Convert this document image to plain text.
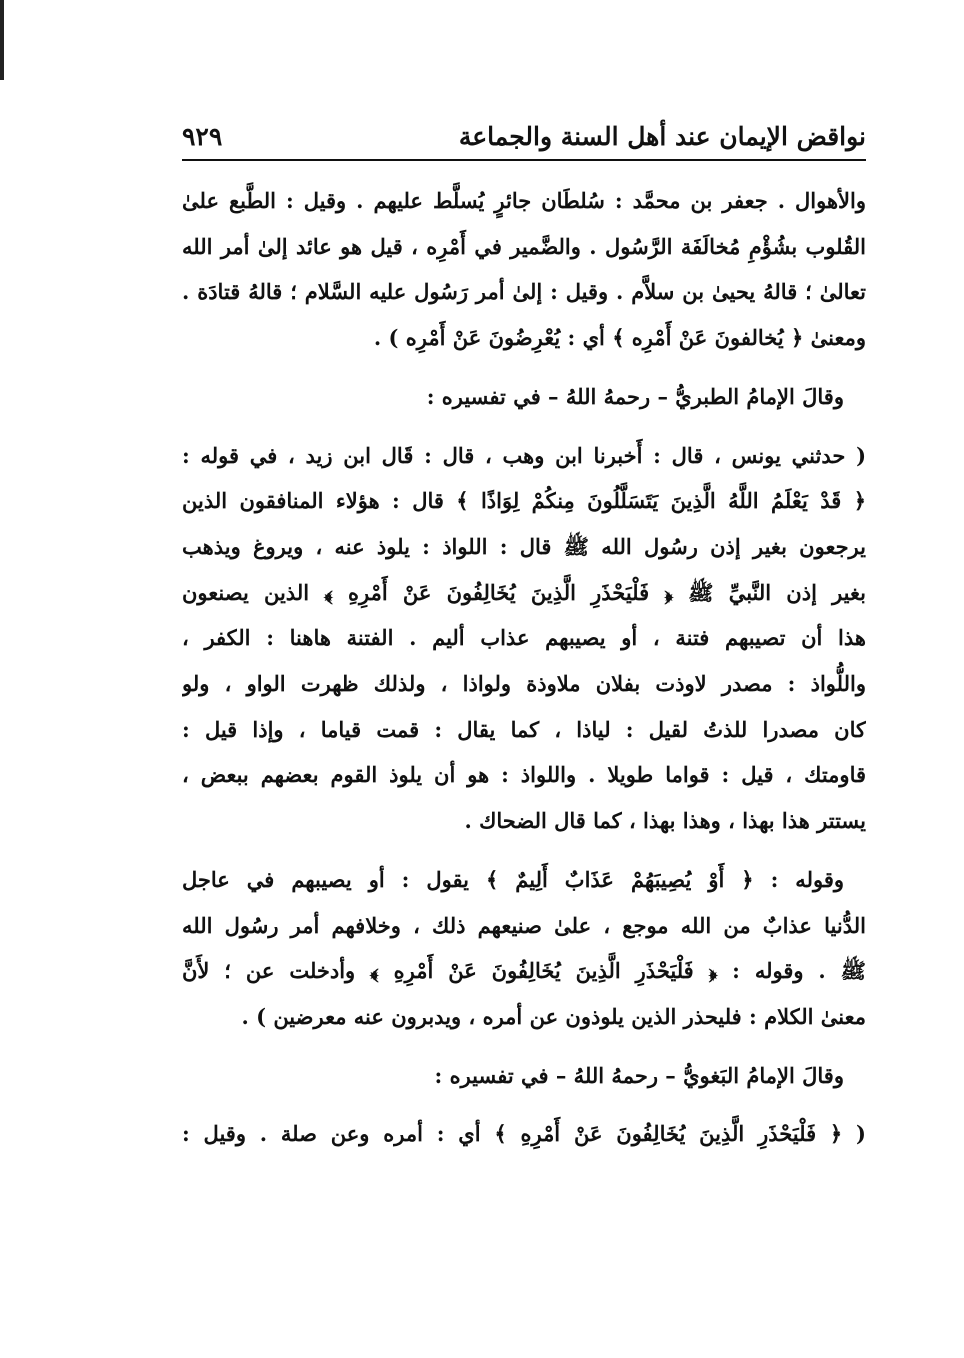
نواقض الإيمان عند أهل السنة والجماعة
٩٢٩
والأهوال . جعفر بن محمَّد : سُلطَان جائرٍ يُسلَّط عليهم . وقيل : الطَّبع علىٰ
القُلوب بشُؤْمِ مُخالَفَة الرَّسُول . والضَّمير في أَمْرِه ، قيل هو عائد إلىٰ أمر الله
تعالىٰ ؛ قالهُ يحيىٰ بن سلاَّم . وقيل : إلىٰ أمر رَسُول عليه السَّلام ؛ قالهُ قتادَة .
ومعنىٰ ﴿ يُخالفونَ عَنْ أَمْرِه ﴾ أي : يُعْرِضُونَ عَنْ أَمْرِه ) .
وقالَ الإمامُ الطبريُّ – رحمهُ اللهُ – في تفسيره :
( حدثني يونس ، قال : أَخبرنا ابن وهب ، قال : قَال ابن زيد ، في قوله :
﴿ قَدْ يَعْلَمُ اللَّهُ الَّذِينَ يَتَسَلَّلُونَ مِنكُمْ لِوَاذًا ﴾ قال : هؤلاء المنافقون الذين
يرجعون بغير إذن رسُول الله ﷺ قال : اللواذ : يلوذ عنه ، ويروغ ويذهب
بغير إذن النَّبيِّ ﷺ ﴿ فَلْيَحْذَرِ الَّذِينَ يُخَالِفُونَ عَنْ أَمْرِهِ ﴾ الذين يصنعون
هذا أن تصيبهم فتنة ، أو يصيبهم عذاب أليم . الفتنة هاهنا : الكفر ،
واللُّواذ : مصدر لاوذت بفلان ملاوذة ولواذا ، ولذلك ظهرت الواو ، ولو
كان مصدرا للذتُ لقيل : لياذا ، كما يقال : قمت قياما ، وإذا قيل :
قاومتك ، قيل : قواما طويلا . واللواذ : هو أن يلوذ القوم بعضهم ببعض ،
يستتر هذا بهذا ، وهذا بهذا ، كما قال الضحاك .
وقوله : ﴿ أَوْ يُصِيبَهُمْ عَذَابٌ أَلِيمٌ ﴾ يقول : أو يصيبهم في عاجل
الدُّنيا عذابٌ من الله موجع ، علىٰ صنيعهم ذلك ، وخلافهم أمر رسُول الله
ﷺ . وقوله : ﴿ فَلْيَحْذَرِ الَّذِينَ يُخَالِفُونَ عَنْ أَمْرِهِ ﴾ وأدخلت عن ؛ لأَنَّ
معنىٰ الكلام : فليحذر الذين يلوذون عن أمره ، ويدبرون عنه معرضين ) .
وقالَ الإمامُ البَغويُّ – رحمهُ اللهُ – في تفسيره :
( ﴿ فَلْيَحْذَرِ الَّذِينَ يُخَالِفُونَ عَنْ أَمْرِهِ ﴾ أي : أمره وعن صلة . وقيل :
